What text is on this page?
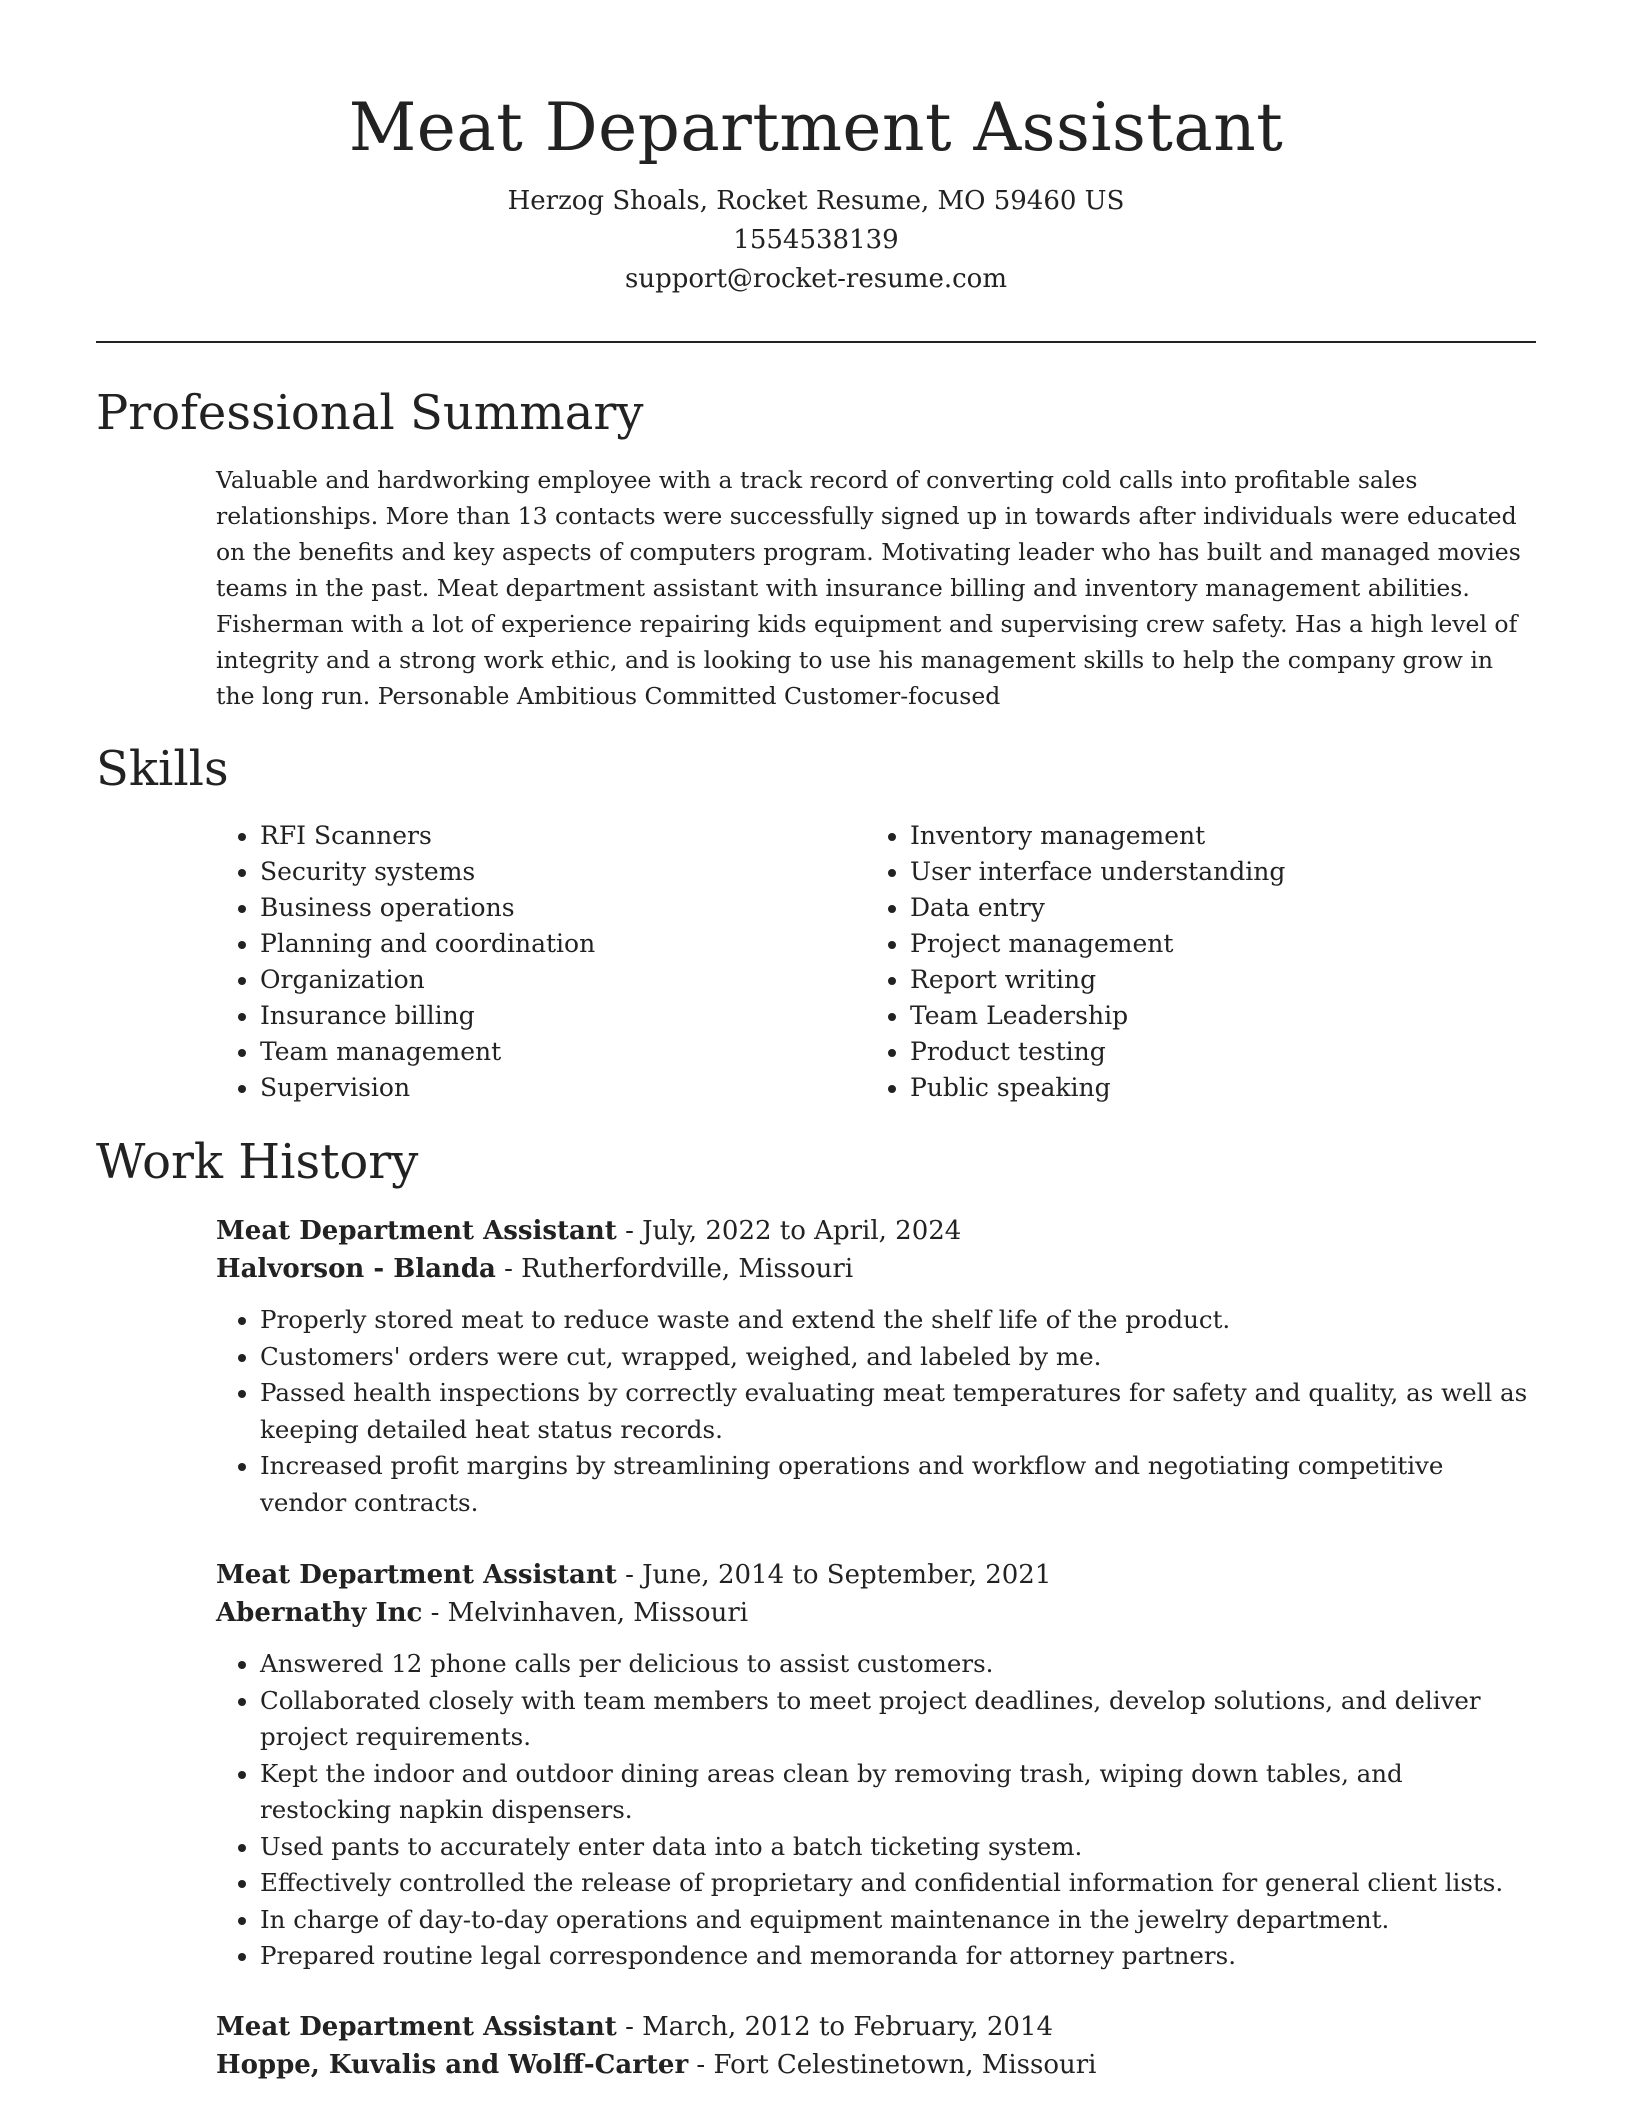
Meat Department Assistant
Herzog Shoals, Rocket Resume, MO 59460 US
1554538139
support@rocket-resume.com
Professional Summary

Valuable and hardworking employee with a track record of converting cold calls into profitable sales relationships. More than 13 contacts were successfully signed up in towards after individuals were educated on the benefits and key aspects of computers program. Motivating leader who has built and managed movies teams in the past. Meat department assistant with insurance billing and inventory management abilities. Fisherman with a lot of experience repairing kids equipment and supervising crew safety. Has a high level of integrity and a strong work ethic, and is looking to use his management skills to help the company grow in the long run. Personable Ambitious Committed Customer-focused

Skills
• RFI Scanners
• Security systems
• Business operations
• Planning and coordination
• Organization
• Insurance billing
• Team management
• Supervision
• Inventory management
• User interface understanding
• Data entry
• Project management
• Report writing
• Team Leadership
• Product testing
• Public speaking
Work History
Meat Department Assistant - July, 2022 to April, 2024
Halvorson - Blanda - Rutherfordville, Missouri
• Properly stored meat to reduce waste and extend the shelf life of the product.
• Customers' orders were cut, wrapped, weighed, and labeled by me.
• Passed health inspections by correctly evaluating meat temperatures for safety and quality, as well as keeping detailed heat status records.
• Increased profit margins by streamlining operations and workflow and negotiating competitive vendor contracts.
Meat Department Assistant - June, 2014 to September, 2021
Abernathy Inc - Melvinhaven, Missouri
• Answered 12 phone calls per delicious to assist customers.
• Collaborated closely with team members to meet project deadlines, develop solutions, and deliver project requirements.
• Kept the indoor and outdoor dining areas clean by removing trash, wiping down tables, and restocking napkin dispensers.
• Used pants to accurately enter data into a batch ticketing system.
• Effectively controlled the release of proprietary and confidential information for general client lists.
• In charge of day-to-day operations and equipment maintenance in the jewelry department.
• Prepared routine legal correspondence and memoranda for attorney partners.
Meat Department Assistant - March, 2012 to February, 2014
Hoppe, Kuvalis and Wolff-Carter - Fort Celestinetown, Missouri
